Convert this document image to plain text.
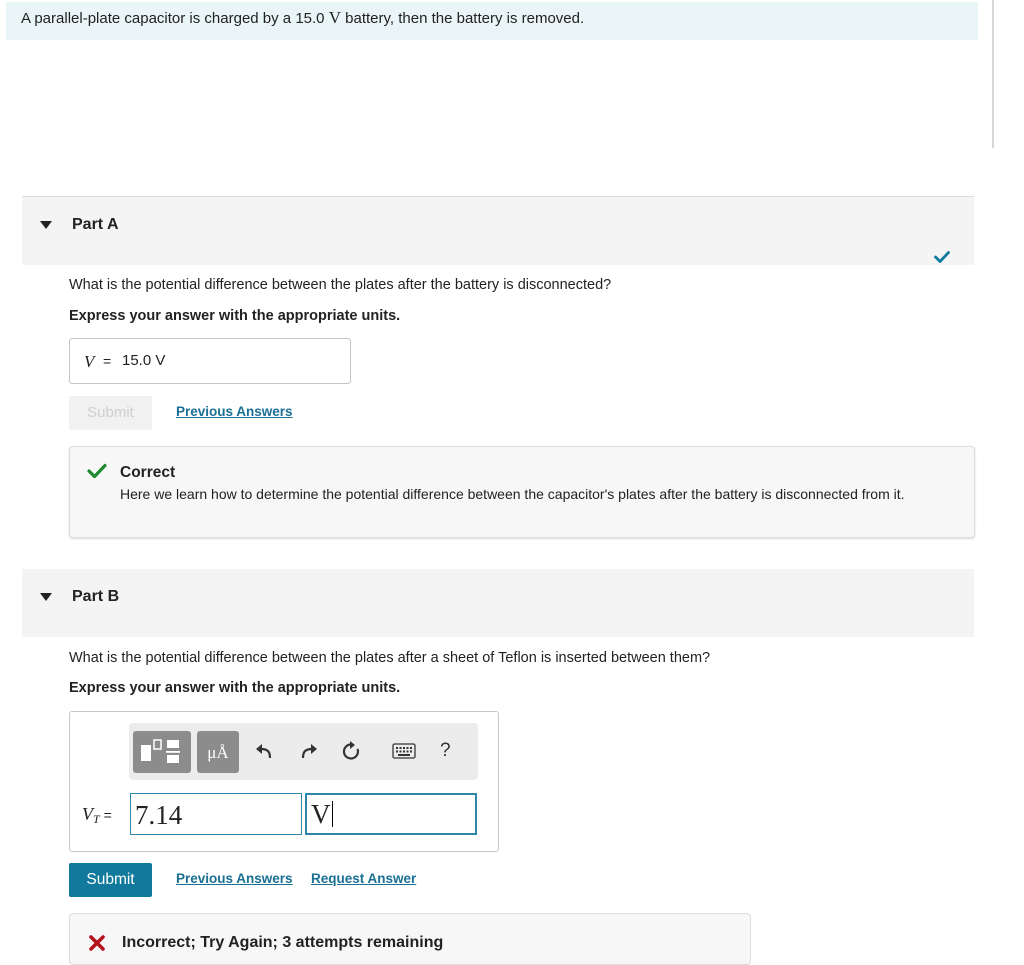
A parallel-plate capacitor is charged by a 15.0 V battery, then the battery is removed.
Part A
What is the potential difference between the plates after the battery is disconnected?
Express your answer with the appropriate units.
V = 15.0 V
Submit	Previous Answers
Correct
Here we learn how to determine the potential difference between the capacitor's plates after the battery is disconnected from it.
Part B
What is the potential difference between the plates after a sheet of Teflon is inserted between them?
Express your answer with the appropriate units.
μÅ	?
VT = 7.14	V
Submit	Previous Answers Request Answer
Incorrect; Try Again; 3 attempts remaining
